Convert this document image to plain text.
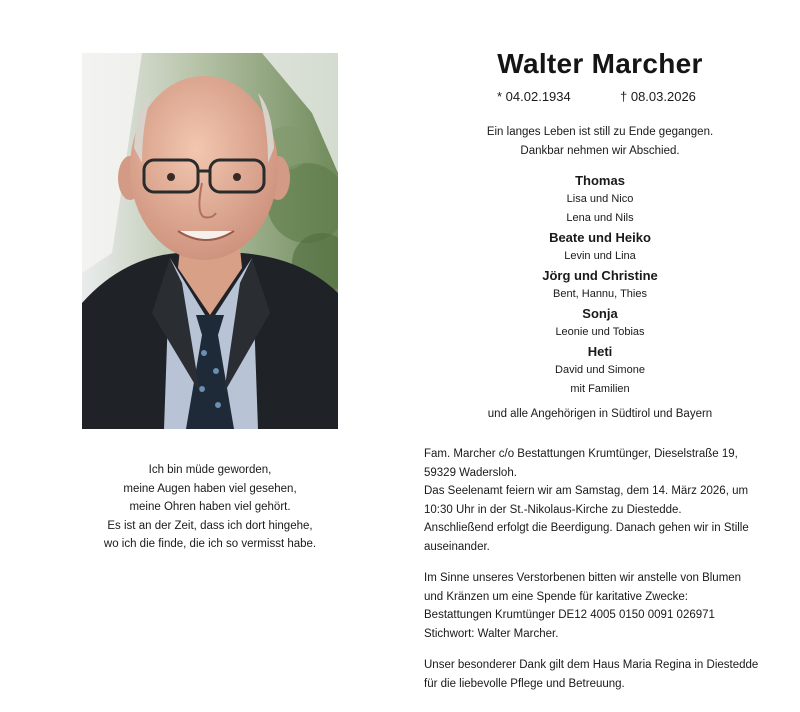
Ich bin müde geworden,
meine Augen haben viel gesehen,
meine Ohren haben viel gehört.
Es ist an der Zeit, dass ich dort hingehe,
wo ich die finde, die ich so vermisst habe.
Walter Marcher
* 04.02.1934	† 08.03.2026
Ein langes Leben ist still zu Ende gegangen.
Dankbar nehmen wir Abschied.
Thomas
Lisa und Nico
Lena und Nils
Beate und Heiko
Levin und Lina
Jörg und Christine
Bent, Hannu, Thies
Sonja
Leonie und Tobias
Heti
David und Simone
mit Familien
und alle Angehörigen in Südtirol und Bayern
Fam. Marcher c/o Bestattungen Krumtünger, Dieselstraße 19,
59329 Wadersloh.
Das Seelenamt feiern wir am Samstag, dem 14. März 2026, um
10:30 Uhr in der St.-Nikolaus-Kirche zu Diestedde.
Anschließend erfolgt die Beerdigung. Danach gehen wir in Stille
auseinander.
Im Sinne unseres Verstorbenen bitten wir anstelle von Blumen
und Kränzen um eine Spende für karitative Zwecke:
Bestattungen Krumtünger DE12 4005 0150 0091 026971
Stichwort: Walter Marcher.
Unser besonderer Dank gilt dem Haus Maria Regina in Diestedde
für die liebevolle Pflege und Betreuung.
